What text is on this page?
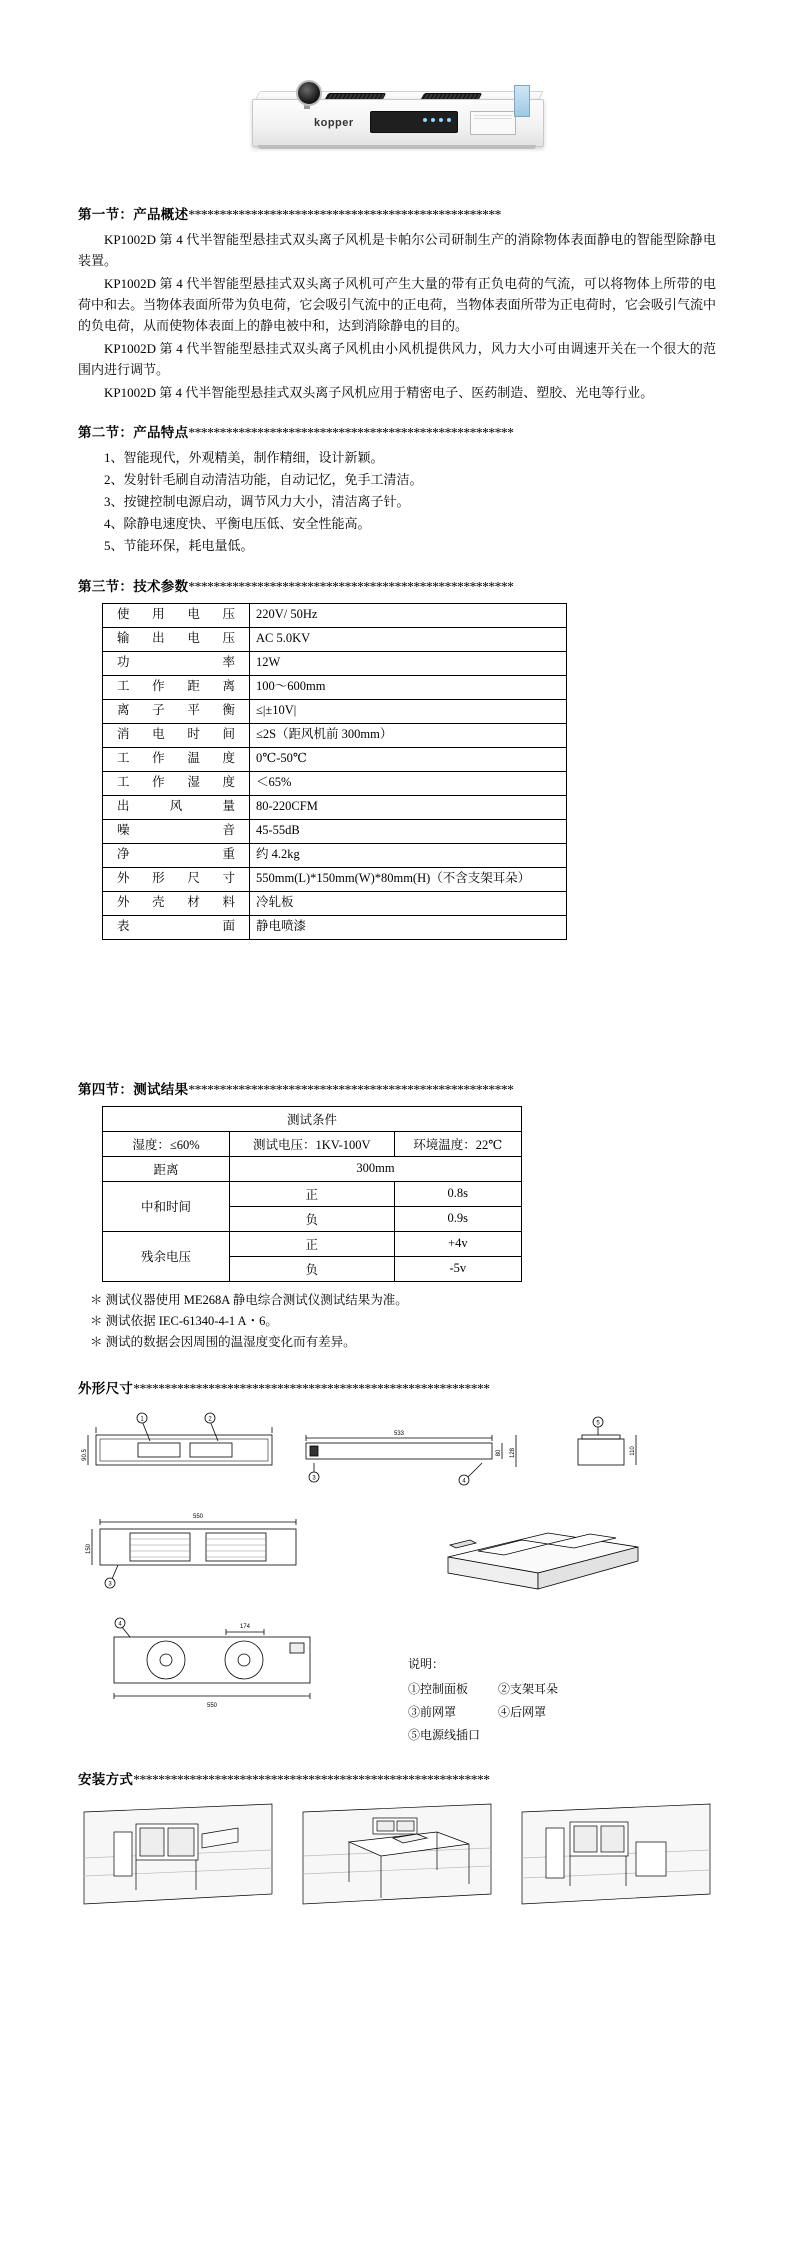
kopper
第一节：产品概述**************************************************

KP1002D 第 4 代半智能型悬挂式双头离子风机是卡帕尔公司研制生产的消除物体表面静电的智能型除静电装置。

KP1002D 第 4 代半智能型悬挂式双头离子风机可产生大量的带有正负电荷的气流，可以将物体上所带的电荷中和去。当物体表面所带为负电荷，它会吸引气流中的正电荷，当物体表面所带为正电荷时，它会吸引气流中的负电荷，从而使物体表面上的静电被中和，达到消除静电的目的。

KP1002D 第 4 代半智能型悬挂式双头离子风机由小风机提供风力，风力大小可由调速开关在一个很大的范围内进行调节。

KP1002D 第 4 代半智能型悬挂式双头离子风机应用于精密电子、医药制造、塑胶、光电等行业。

第二节：产品特点****************************************************
1、智能现代，外观精美，制作精细，设计新颖。
2、发射针毛刷自动清洁功能，自动记忆，免手工清洁。
3、按键控制电源启动，调节风力大小，清洁离子针。
4、除静电速度快、平衡电压低、安全性能高。
5、节能环保，耗电量低。
第三节：技术参数****************************************************
使用电压	220V/ 50Hz
输出电压	AC 5.0KV
功　　率	12W
工作距离	100～600mm
离子平衡	≤|±10V|
消电时间	≤2S（距风机前 300mm）
工作温度	0℃-50℃
工作湿度	＜65%
出 风 量	80-220CFM
噪　　音	45-55dB
净　　重	约 4.2kg
外形尺寸	550mm(L)*150mm(W)*80mm(H)（不含支架耳朵）
外壳材料	冷轧板
表　　面	静电喷漆
第四节：测试结果****************************************************
测试条件		
湿度：≤60%	测试电压：1KV-100V	环境温度：22℃
距离	300mm	
中和时间	正	0.8s
	负	0.9s
残余电压	正	+4v
	负	-5v
＊ 测试仪器使用 ME268A 静电综合测试仪测试结果为准。
＊ 测试依据 IEC-61340-4-1 A・6。
＊ 测试的数据会因周围的温湿度变化而有差异。
外形尺寸*********************************************************
1	2
90.5
533
3	4
80 128	110
5
550
150
3
174
550
4
说明：
①控制面板	②支架耳朵
③前网罩	④后网罩
⑤电源线插口
安装方式*********************************************************
